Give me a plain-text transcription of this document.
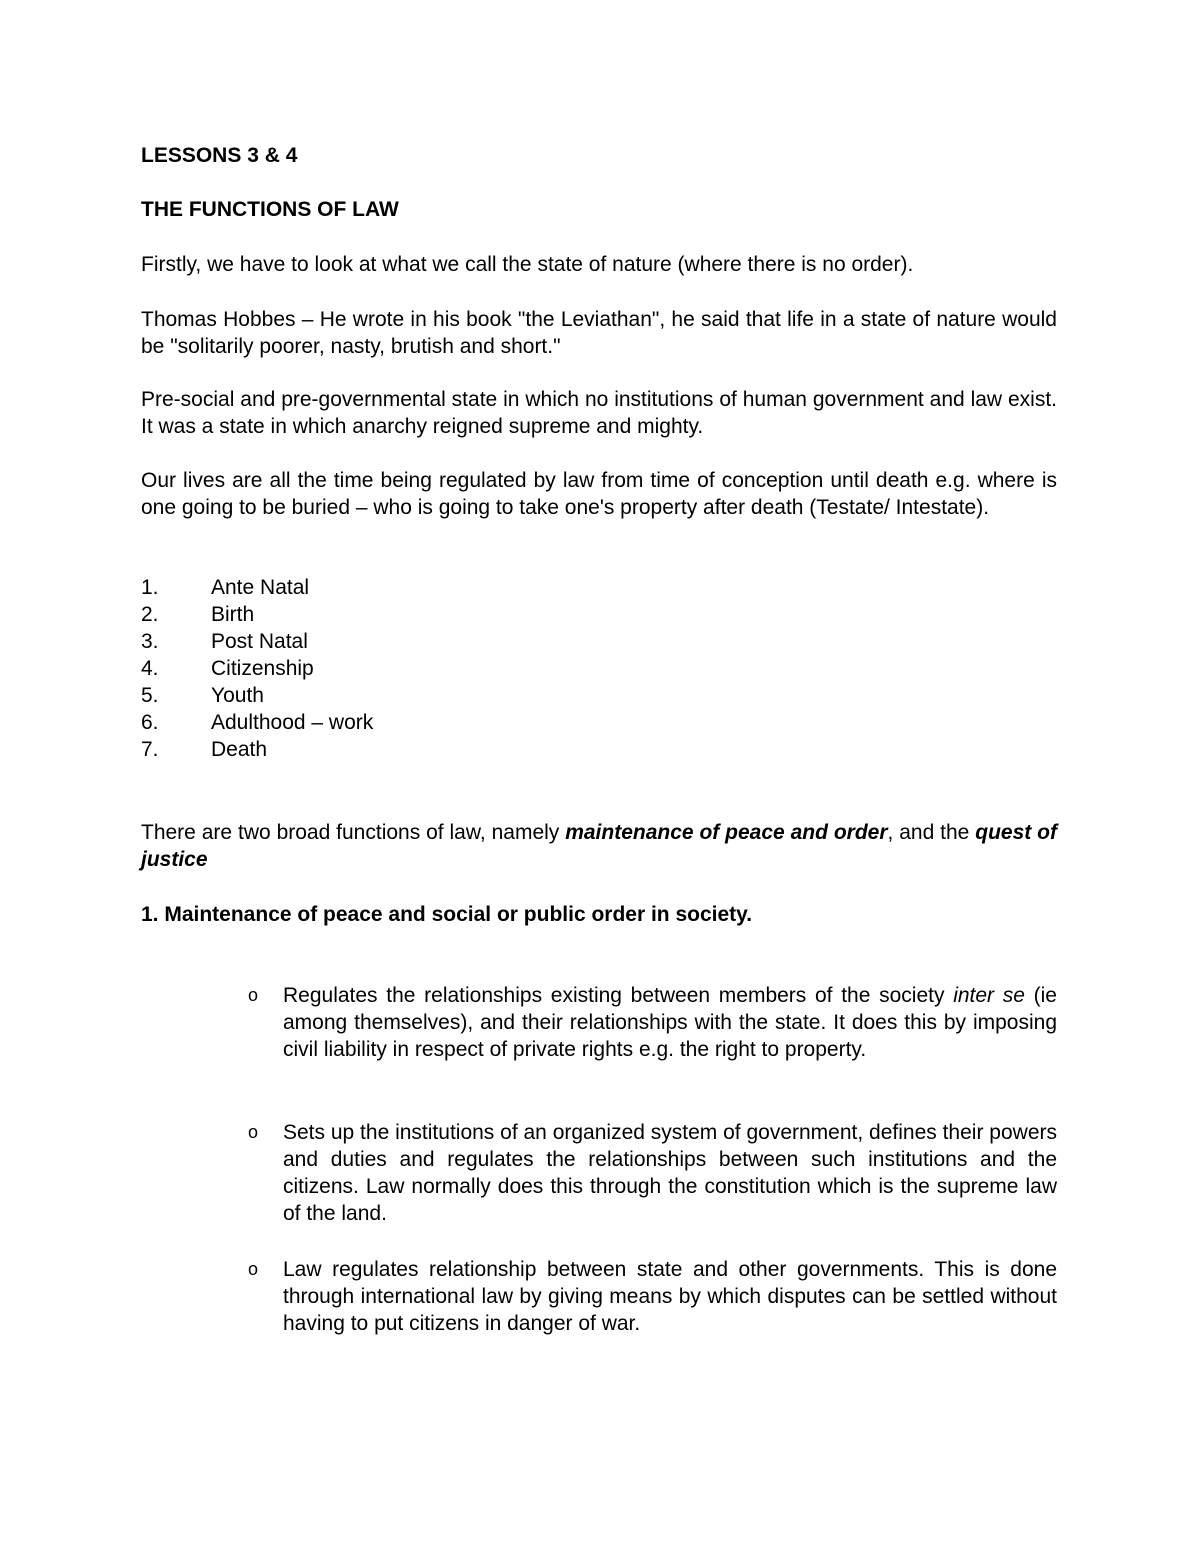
LESSONS 3 & 4
THE FUNCTIONS OF LAW
Firstly, we have to look at what we call the state of nature (where there is no order).
Thomas Hobbes – He wrote in his book "the Leviathan", he said that life in a state of nature would be "solitarily poorer, nasty, brutish and short."
Pre-social and pre-governmental state in which no institutions of human government and law exist. It was a state in which anarchy reigned supreme and mighty.
Our lives are all the time being regulated by law from time of conception until death e.g. where is one going to be buried – who is going to take one's property after death (Testate/ Intestate).
1.	Ante Natal
2.	Birth
3.	Post Natal
4.	Citizenship
5.	Youth
6.	Adulthood – work
7.	Death
There are two broad functions of law, namely maintenance of peace and order, and the quest of justice
1. Maintenance of peace and social or public order in society.
o	Regulates the relationships existing between members of the society inter se (ie among themselves), and their relationships with the state. It does this by imposing civil liability in respect of private rights e.g. the right to property.
o	Sets up the institutions of an organized system of government, defines their powers and duties and regulates the relationships between such institutions and the citizens. Law normally does this through the constitution which is the supreme law of the land.
o	Law regulates relationship between state and other governments. This is done through international law by giving means by which disputes can be settled without having to put citizens in danger of war.
